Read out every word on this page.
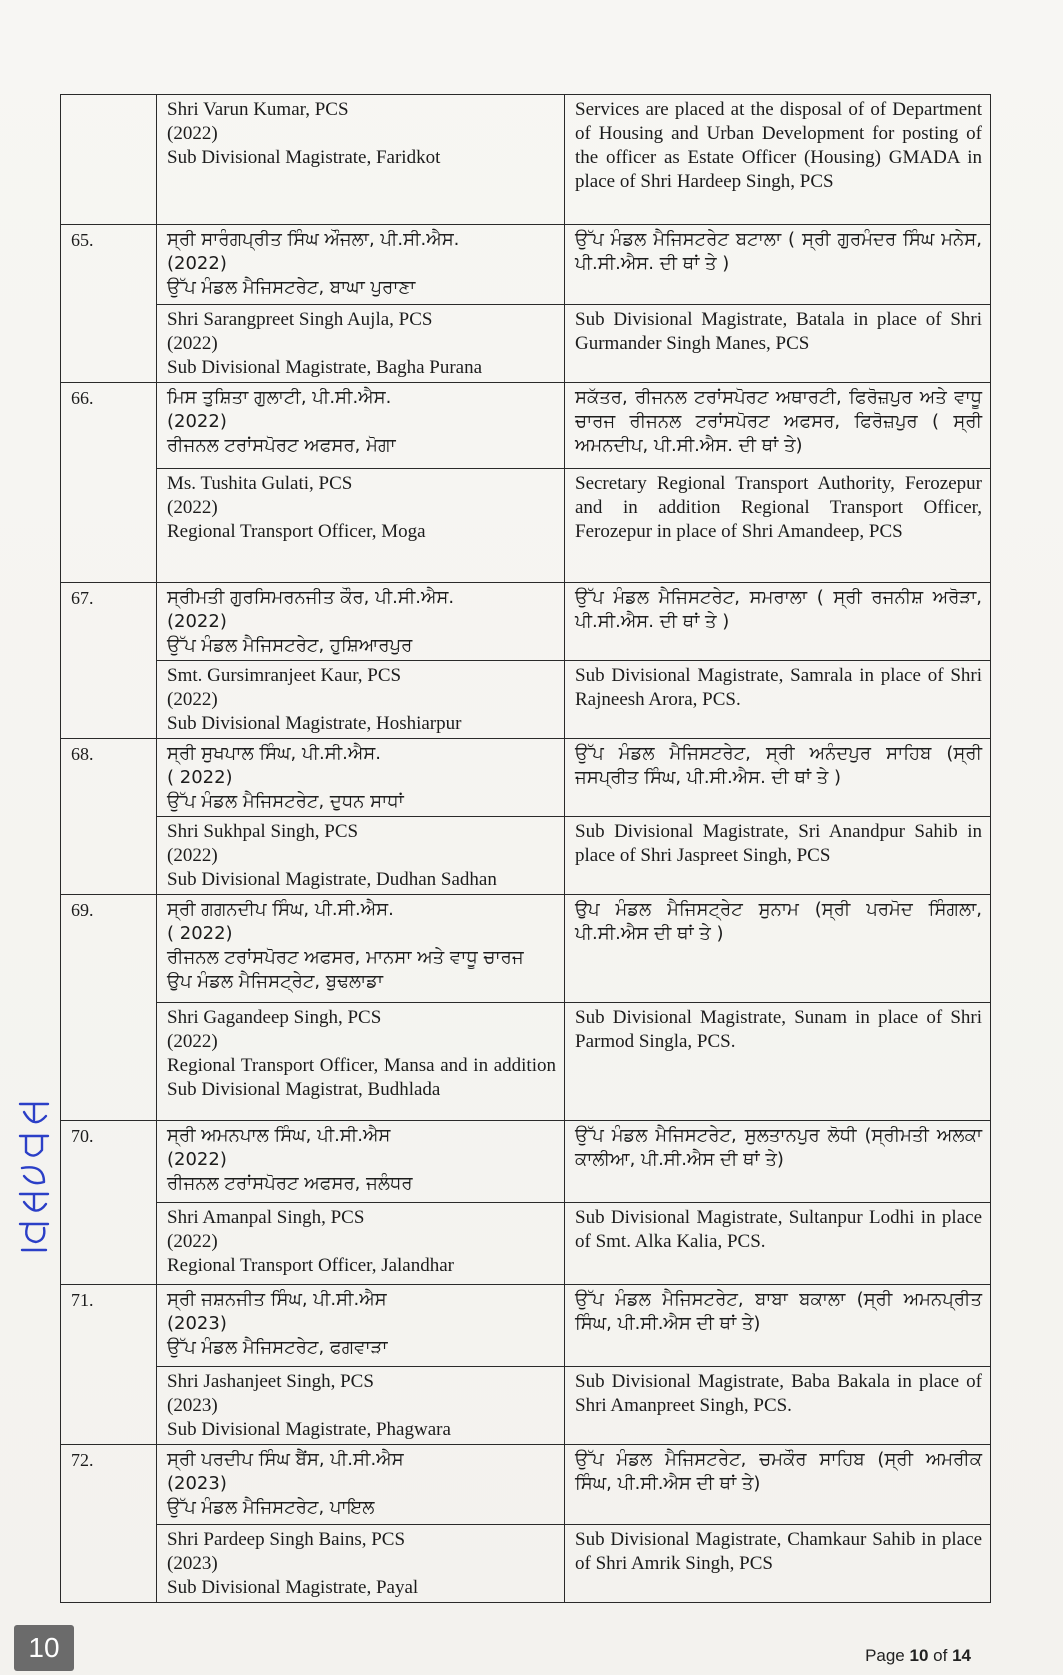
	Shri Varun Kumar, PCS
(2022)
Sub Divisional Magistrate, Faridkot	Services are placed at the disposal of of Department of Housing and Urban Development for posting of the officer as Estate Officer (Housing) GMADA in place of Shri Hardeep Singh, PCS
65.	ਸ੍ਰੀ ਸਾਰੰਗਪ੍ਰੀਤ ਸਿੰਘ ਔਜਲਾ, ਪੀ.ਸੀ.ਐਸ.
(2022)
ਉੱਪ ਮੰਡਲ ਮੈਜਿਸਟਰੇਟ, ਬਾਘਾ ਪੁਰਾਣਾ	ਉੱਪ ਮੰਡਲ ਮੈਜਿਸਟਰੇਟ ਬਟਾਲਾ ( ਸ੍ਰੀ ਗੁਰਮੰਦਰ ਸਿੰਘ ਮਨੇਸ, ਪੀ.ਸੀ.ਐਸ. ਦੀ ਥਾਂ ਤੇ )

	Shri Sarangpreet Singh Aujla, PCS
(2022)
Sub Divisional Magistrate, Bagha Purana	Sub Divisional Magistrate, Batala in place of Shri Gurmander Singh Manes, PCS
66.	ਮਿਸ ਤੁਸ਼ਿਤਾ ਗੁਲਾਟੀ, ਪੀ.ਸੀ.ਐਸ.
(2022)
ਰੀਜਨਲ ਟਰਾਂਸਪੋਰਟ ਅਫਸਰ, ਮੋਗਾ	ਸਕੱਤਰ, ਰੀਜਨਲ ਟਰਾਂਸਪੋਰਟ ਅਥਾਰਟੀ, ਫਿਰੋਜ਼ਪੁਰ ਅਤੇ ਵਾਧੂ ਚਾਰਜ ਰੀਜਨਲ ਟਰਾਂਸਪੋਰਟ ਅਫਸਰ, ਫਿਰੋਜ਼ਪੁਰ ( ਸ੍ਰੀ ਅਮਨਦੀਪ, ਪੀ.ਸੀ.ਐਸ. ਦੀ ਥਾਂ ਤੇ)

	Ms. Tushita Gulati, PCS
(2022)
Regional Transport Officer, Moga	Secretary Regional Transport Authority, Ferozepur and in addition Regional Transport Officer, Ferozepur in place of Shri Amandeep, PCS
67.	ਸ੍ਰੀਮਤੀ ਗੁਰਸਿਮਰਨਜੀਤ ਕੌਰ, ਪੀ.ਸੀ.ਐਸ.
(2022)
ਉੱਪ ਮੰਡਲ ਮੈਜਿਸਟਰੇਟ, ਹੁਸ਼ਿਆਰਪੁਰ	ਉੱਪ ਮੰਡਲ ਮੈਜਿਸਟਰੇਟ, ਸਮਰਾਲਾ ( ਸ੍ਰੀ ਰਜਨੀਸ਼ ਅਰੋੜਾ, ਪੀ.ਸੀ.ਐਸ. ਦੀ ਥਾਂ ਤੇ )

	Smt. Gursimranjeet Kaur, PCS
(2022)
Sub Divisional Magistrate, Hoshiarpur	Sub Divisional Magistrate, Samrala in place of Shri Rajneesh Arora, PCS.
68.	ਸ੍ਰੀ ਸੁਖਪਾਲ ਸਿੰਘ, ਪੀ.ਸੀ.ਐਸ.
( 2022)
ਉੱਪ ਮੰਡਲ ਮੈਜਿਸਟਰੇਟ, ਦੁਧਨ ਸਾਧਾਂ	ਉੱਪ ਮੰਡਲ ਮੈਜਿਸਟਰੇਟ, ਸ੍ਰੀ ਅਨੰਦਪੁਰ ਸਾਹਿਬ (ਸ੍ਰੀ ਜਸਪ੍ਰੀਤ ਸਿੰਘ, ਪੀ.ਸੀ.ਐਸ. ਦੀ ਥਾਂ ਤੇ )

	Shri Sukhpal Singh, PCS
(2022)
Sub Divisional Magistrate, Dudhan Sadhan	Sub Divisional Magistrate, Sri Anandpur Sahib in place of Shri Jaspreet Singh, PCS
69.	ਸ੍ਰੀ ਗਗਨਦੀਪ ਸਿੰਘ, ਪੀ.ਸੀ.ਐਸ.
( 2022)
ਰੀਜਨਲ ਟਰਾਂਸਪੋਰਟ ਅਫਸਰ, ਮਾਨਸਾ ਅਤੇ ਵਾਧੂ ਚਾਰਜ
ਉਪ ਮੰਡਲ ਮੈਜਿਸਟ੍ਰੇਟ, ਬੁਢਲਾਡਾ	ਉਪ ਮੰਡਲ ਮੈਜਿਸਟ੍ਰੇਟ ਸੁਨਾਮ (ਸ੍ਰੀ ਪਰਮੋਦ ਸਿੰਗਲਾ, ਪੀ.ਸੀ.ਐਸ ਦੀ ਥਾਂ ਤੇ )

	Shri Gagandeep Singh, PCS
(2022)
Regional Transport Officer, Mansa and in addition Sub Divisional Magistrat, Budhlada	Sub Divisional Magistrate, Sunam in place of Shri Parmod Singla, PCS.
70.	ਸ੍ਰੀ ਅਮਨਪਾਲ ਸਿੰਘ, ਪੀ.ਸੀ.ਐਸ
(2022)
ਰੀਜਨਲ ਟਰਾਂਸਪੋਰਟ ਅਫਸਰ, ਜਲੰਧਰ	ਉੱਪ ਮੰਡਲ ਮੈਜਿਸਟਰੇਟ, ਸੁਲਤਾਨਪੁਰ ਲੋਧੀ (ਸ੍ਰੀਮਤੀ ਅਲਕਾ ਕਾਲੀਆ, ਪੀ.ਸੀ.ਐਸ ਦੀ ਥਾਂ ਤੇ)

	Shri Amanpal Singh, PCS
(2022)
Regional Transport Officer, Jalandhar	Sub Divisional Magistrate, Sultanpur Lodhi in place of Smt. Alka Kalia, PCS.
71.	ਸ੍ਰੀ ਜਸ਼ਨਜੀਤ ਸਿੰਘ, ਪੀ.ਸੀ.ਐਸ
(2023)
ਉੱਪ ਮੰਡਲ ਮੈਜਿਸਟਰੇਟ, ਫਗਵਾੜਾ	ਉੱਪ ਮੰਡਲ ਮੈਜਿਸਟਰੇਟ, ਬਾਬਾ ਬਕਾਲਾ (ਸ੍ਰੀ ਅਮਨਪ੍ਰੀਤ ਸਿੰਘ, ਪੀ.ਸੀ.ਐਸ ਦੀ ਥਾਂ ਤੇ)

	Shri Jashanjeet Singh, PCS
(2023)
Sub Divisional Magistrate, Phagwara	Sub Divisional Magistrate, Baba Bakala in place of Shri Amanpreet Singh, PCS.
72.	ਸ੍ਰੀ ਪਰਦੀਪ ਸਿੰਘ ਬੈਂਸ, ਪੀ.ਸੀ.ਐਸ
(2023)
ਉੱਪ ਮੰਡਲ ਮੈਜਿਸਟਰੇਟ, ਪਾਇਲ	ਉੱਪ ਮੰਡਲ ਮੈਜਿਸਟਰੇਟ, ਚਮਕੌਰ ਸਾਹਿਬ (ਸ੍ਰੀ ਅਮਰੀਕ ਸਿੰਘ, ਪੀ.ਸੀ.ਐਸ ਦੀ ਥਾਂ ਤੇ)

	Shri Pardeep Singh Bains, PCS
(2023)
Sub Divisional Magistrate, Payal	Sub Divisional Magistrate, Chamkaur Sahib in place of Shri Amrik Singh, PCS
10	Page 10 of 14
